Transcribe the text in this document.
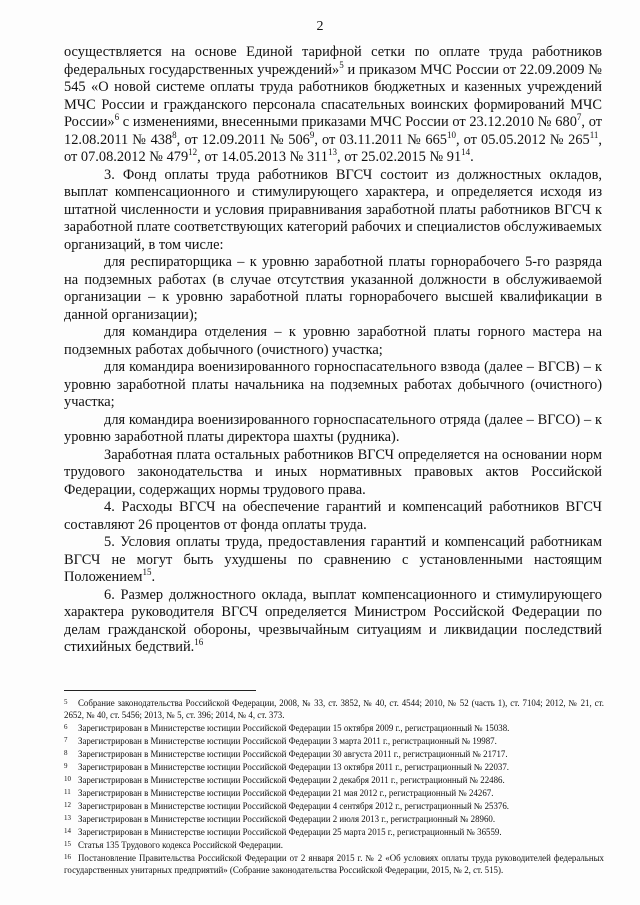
2

осуществляется на основе Единой тарифной сетки по оплате труда работников федеральных государственных учреждений»$^5$ и приказом МЧС России от 22.09.2009 № 545 «О новой системе оплаты труда работников бюджетных и казенных учреждений МЧС России и гражданского персонала спасательных воинских формирований МЧС России»$^6$ с изменениями, внесенными приказами МЧС России от 23.12.2010 № $680^7$, от 12.08.2011 № $438^8$, от 12.09.2011 № $506^9$, от 03.11.2011 № $665^{10}$, от 05.05.2012 № $265^{11}$, от 07.08.2012 № $479^{12}$, от 14.05.2013 № $311^{13}$, от 25.02.2015 № $91^{14}$.

3. Фонд оплаты труда работников ВГСЧ состоит из должностных окладов, выплат компенсационного и стимулирующего характера, и определяется исходя из штатной численности и условия приравнивания заработной платы работников ВГСЧ к заработной плате соответствующих категорий рабочих и специалистов обслуживаемых организаций, в том числе:

для респираторщика – к уровню заработной платы горнорабочего 5-го разряда на подземных работах (в случае отсутствия указанной должности в обслуживаемой организации – к уровню заработной платы горнорабочего высшей квалификации в данной организации);

для командира отделения – к уровню заработной платы горного мастера на подземных работах добычного (очистного) участка;

для командира военизированного горноспасательного взвода (далее – ВГСВ) – к уровню заработной платы начальника на подземных работах добычного (очистного) участка;

для командира военизированного горноспасательного отряда (далее – ВГСО) – к уровню заработной платы директора шахты (рудника).

Заработная плата остальных работников ВГСЧ определяется на основании норм трудового законодательства и иных нормативных правовых актов Российской Федерации, содержащих нормы трудового права.

4. Расходы ВГСЧ на обеспечение гарантий и компенсаций работников ВГСЧ составляют 26 процентов от фонда оплаты труда.

5. Условия оплаты труда, предоставления гарантий и компенсаций работникам ВГСЧ не могут быть ухудшены по сравнению с установленными настоящим Положением$^{15}$.

6. Размер должностного оклада, выплат компенсационного и стимулирующего характера руководителя ВГСЧ определяется Министром Российской Федерации по делам гражданской обороны, чрезвычайным ситуациям и ликвидации последствий стихийных бедствий.$^{16}$

5 Собрание законодательства Российской Федерации, 2008, № 33, ст. 3852, № 40, ст. 4544; 2010, № 52 (часть 1), ст. 7104; 2012, № 21, ст. 2652, № 40, ст. 5456; 2013, № 5, ст. 396; 2014, № 4, ст. 373.

6 Зарегистрирован в Министерстве юстиции Российской Федерации 15 октября 2009 г., регистрационный № 15038.

7 Зарегистрирован в Министерстве юстиции Российской Федерации 3 марта 2011 г., регистрационный № 19987.

8 Зарегистрирован в Министерстве юстиции Российской Федерации 30 августа 2011 г., регистрационный № 21717.

9 Зарегистрирован в Министерстве юстиции Российской Федерации 13 октября 2011 г., регистрационный № 22037.

10 Зарегистрирован в Министерстве юстиции Российской Федерации 2 декабря 2011 г., регистрационный № 22486.

11 Зарегистрирован в Министерстве юстиции Российской Федерации 21 мая 2012 г., регистрационный № 24267.

12 Зарегистрирован в Министерстве юстиции Российской Федерации 4 сентября 2012 г., регистрационный № 25376.

13 Зарегистрирован в Министерстве юстиции Российской Федерации 2 июля 2013 г., регистрационный № 28960.

14 Зарегистрирован в Министерстве юстиции Российской Федерации 25 марта 2015 г., регистрационный № 36559.

15 Статья 135 Трудового кодекса Российской Федерации.

16 Постановление Правительства Российской Федерации от 2 января 2015 г. № 2 «Об условиях оплаты труда руководителей федеральных государственных унитарных предприятий» (Собрание законодательства Российской Федерации, 2015, № 2, ст. 515).
